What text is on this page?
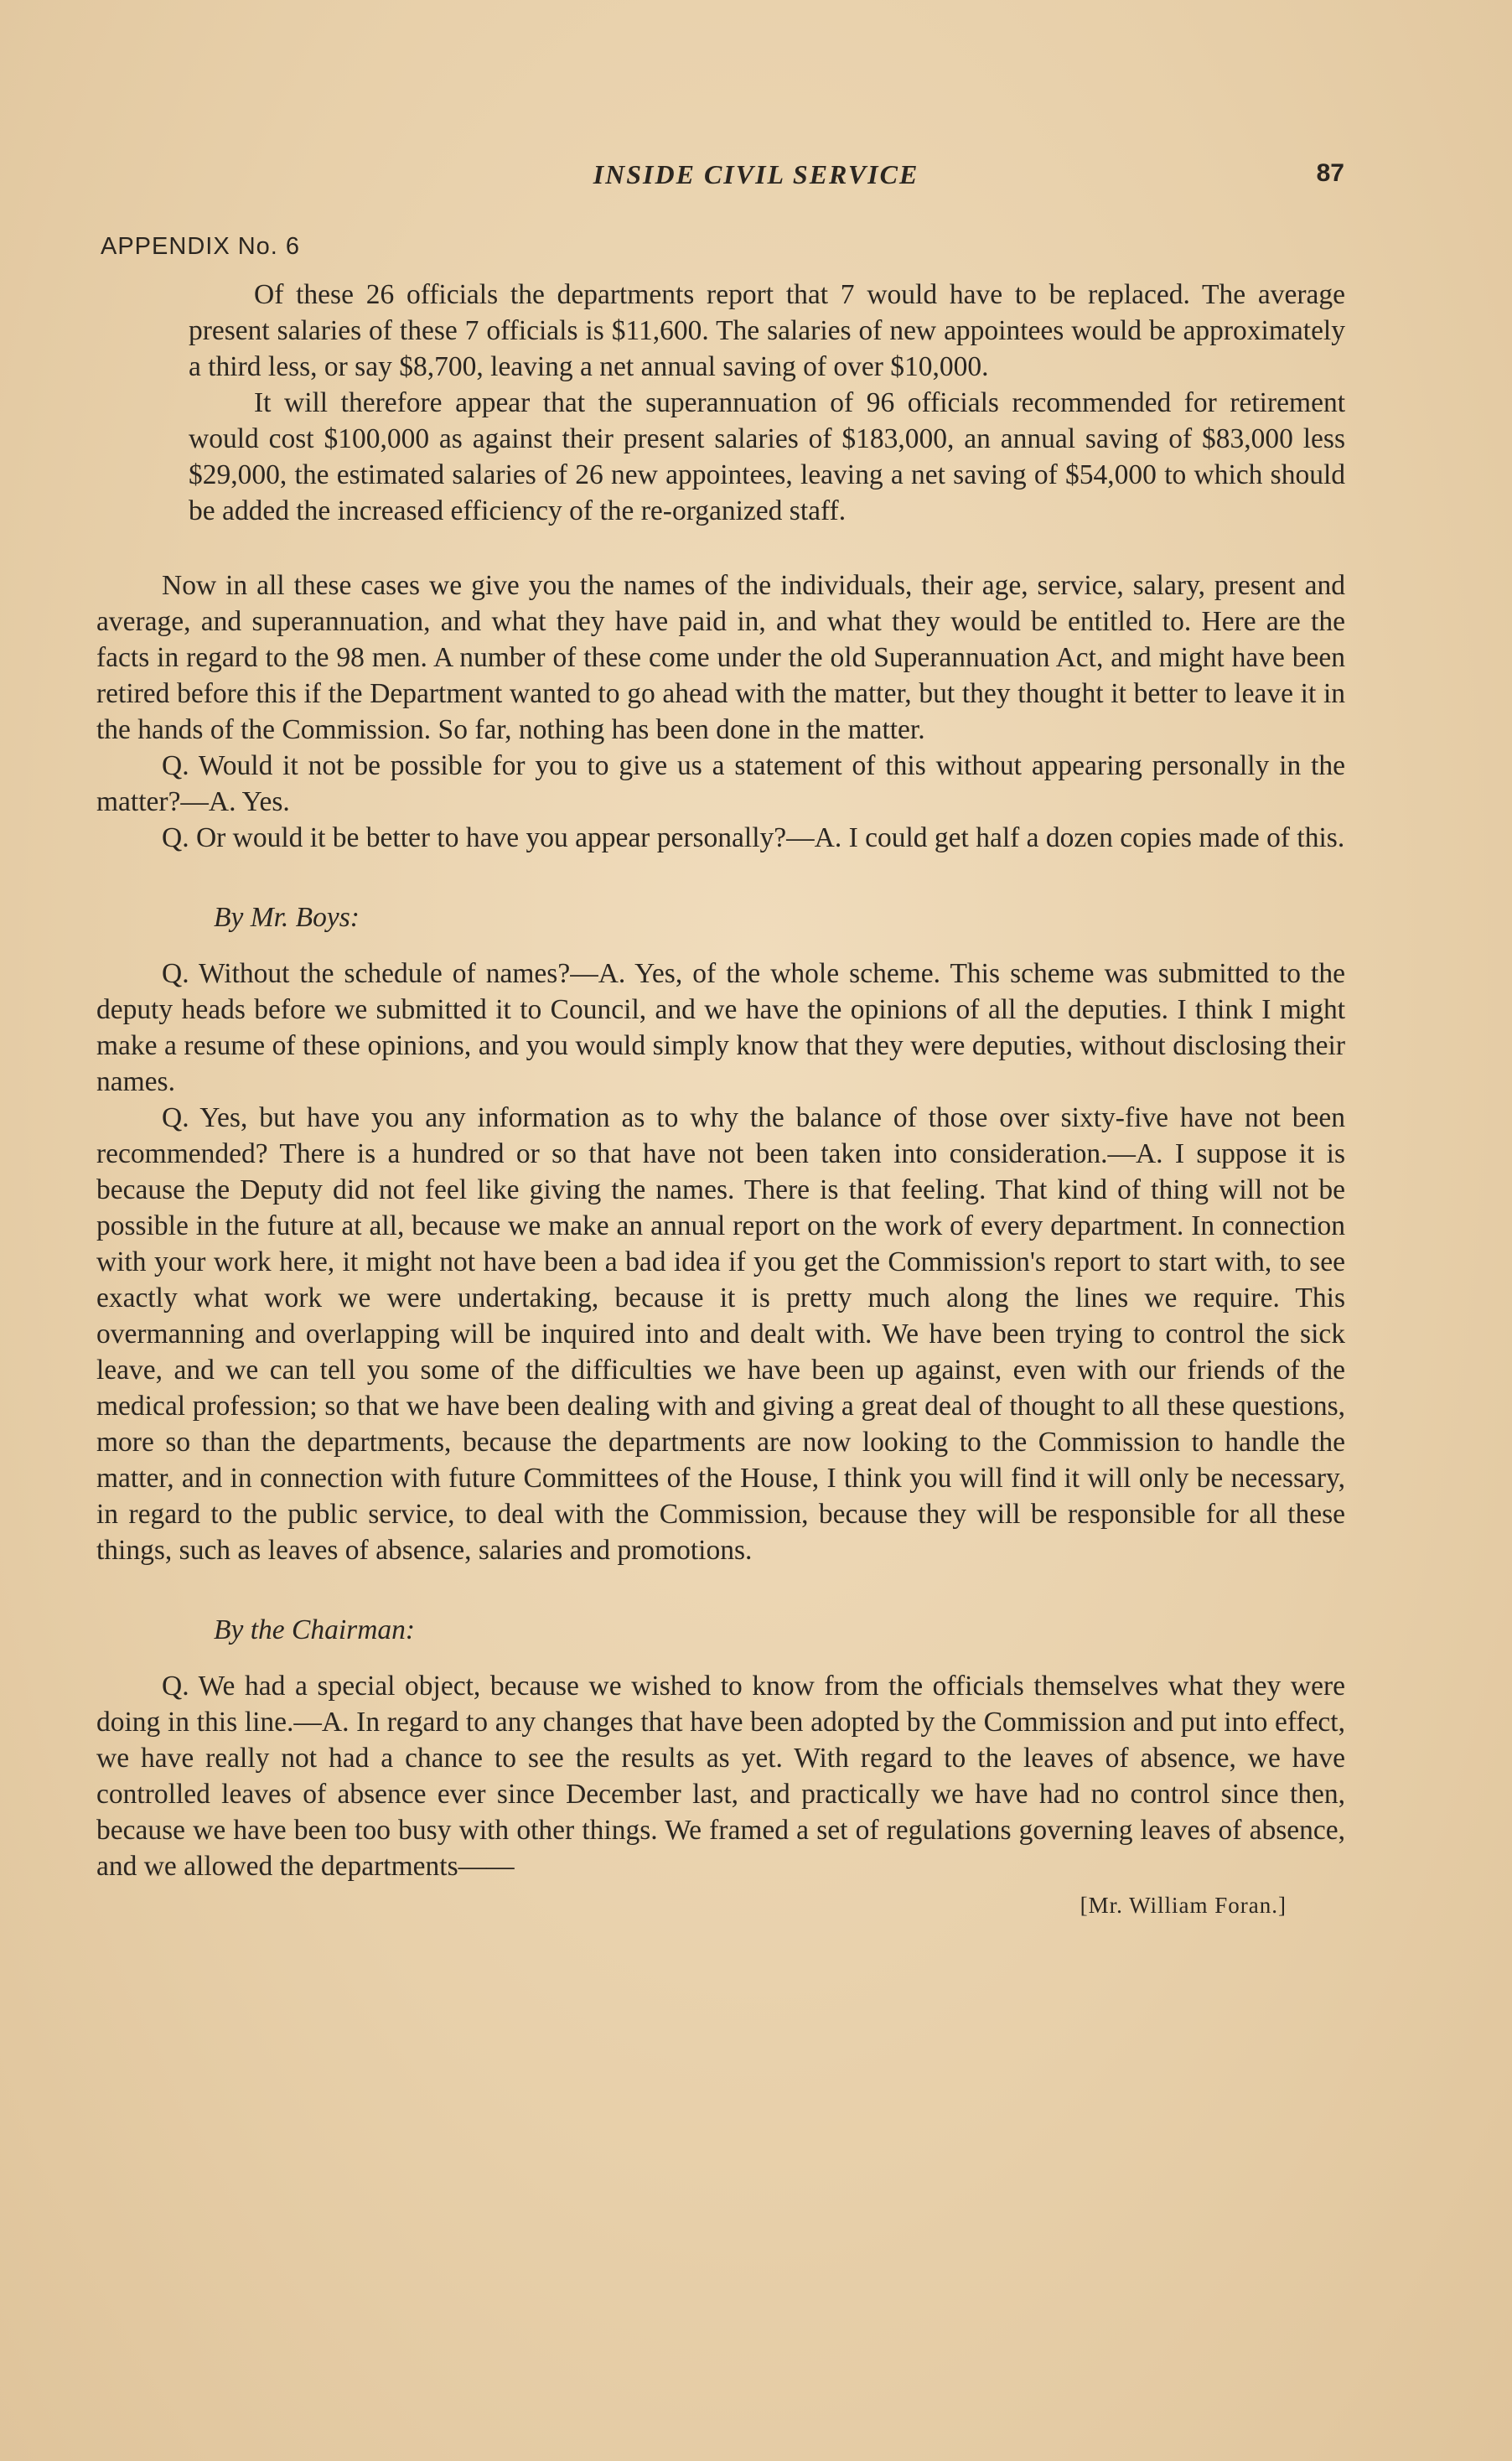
INSIDE CIVIL SERVICE	87
APPENDIX No. 6

Of these 26 officials the departments report that 7 would have to be replaced. The average present salaries of these 7 officials is $11,600. The salaries of new appointees would be approximately a third less, or say $8,700, leaving a net annual saving of over $10,000.

It will therefore appear that the superannuation of 96 officials recommended for retirement would cost $100,000 as against their present salaries of $183,000, an annual saving of $83,000 less $29,000, the estimated salaries of 26 new appointees, leaving a net saving of $54,000 to which should be added the increased efficiency of the re-organized staff.

Now in all these cases we give you the names of the individuals, their age, service, salary, present and average, and superannuation, and what they have paid in, and what they would be entitled to. Here are the facts in regard to the 98 men. A number of these come under the old Superannuation Act, and might have been retired before this if the Department wanted to go ahead with the matter, but they thought it better to leave it in the hands of the Commission. So far, nothing has been done in the matter.

Q. Would it not be possible for you to give us a statement of this without appearing personally in the matter?—A. Yes.

Q. Or would it be better to have you appear personally?—A. I could get half a dozen copies made of this.

By Mr. Boys:

Q. Without the schedule of names?—A. Yes, of the whole scheme. This scheme was submitted to the deputy heads before we submitted it to Council, and we have the opinions of all the deputies. I think I might make a resume of these opinions, and you would simply know that they were deputies, without disclosing their names.

Q. Yes, but have you any information as to why the balance of those over sixty-five have not been recommended? There is a hundred or so that have not been taken into consideration.—A. I suppose it is because the Deputy did not feel like giving the names. There is that feeling. That kind of thing will not be possible in the future at all, because we make an annual report on the work of every department. In connection with your work here, it might not have been a bad idea if you get the Commission's report to start with, to see exactly what work we were undertaking, because it is pretty much along the lines we require. This overmanning and overlapping will be inquired into and dealt with. We have been trying to control the sick leave, and we can tell you some of the difficulties we have been up against, even with our friends of the medical profession; so that we have been dealing with and giving a great deal of thought to all these questions, more so than the departments, because the departments are now looking to the Commission to handle the matter, and in connection with future Committees of the House, I think you will find it will only be necessary, in regard to the public service, to deal with the Commission, because they will be responsible for all these things, such as leaves of absence, salaries and promotions.

By the Chairman:

Q. We had a special object, because we wished to know from the officials themselves what they were doing in this line.—A. In regard to any changes that have been adopted by the Commission and put into effect, we have really not had a chance to see the results as yet. With regard to the leaves of absence, we have controlled leaves of absence ever since December last, and practically we have had no control since then, because we have been too busy with other things. We framed a set of regulations governing leaves of absence, and we allowed the departments——

[Mr. William Foran.]
